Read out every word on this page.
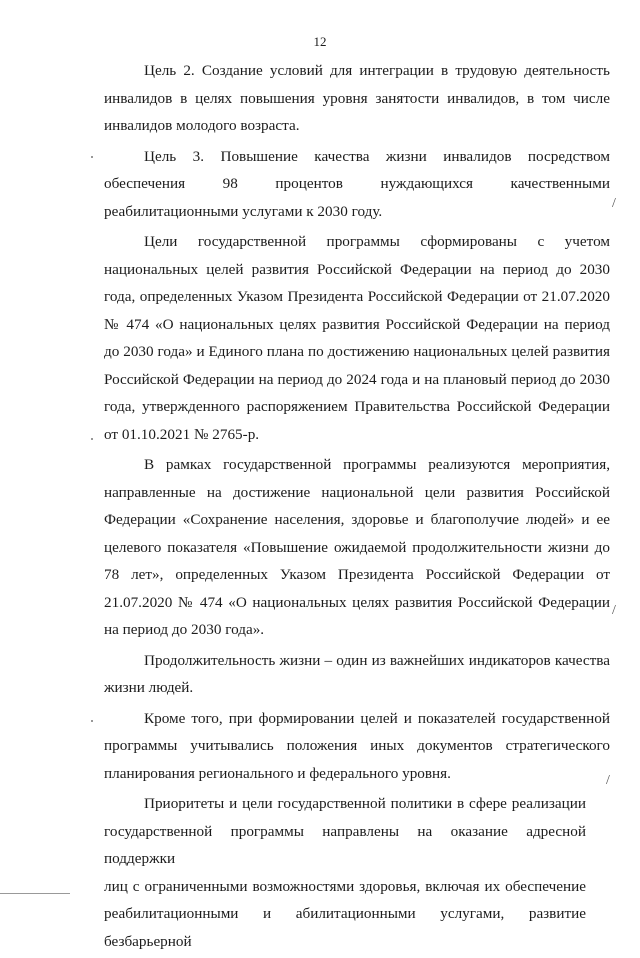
12

Цель 2. Создание условий для интеграции в трудовую деятельность
инвалидов в целях повышения уровня занятости инвалидов, в том числе
инвалидов молодого возраста.

Цель 3. Повышение качества жизни инвалидов посредством
обеспечения 98 процентов нуждающихся качественными
реабилитационными услугами к 2030 году.

Цели государственной программы сформированы с учетом
национальных целей развития Российской Федерации на период до 2030
года, определенных Указом Президента Российской Федерации от 21.07.2020
№ 474 «О национальных целях развития Российской Федерации на период
до 2030 года» и Единого плана по достижению национальных целей развития
Российской Федерации на период до 2024 года и на плановый период до 2030
года, утвержденного распоряжением Правительства Российской Федерации
от 01.10.2021 № 2765-р.

В рамках государственной программы реализуются мероприятия,
направленные на достижение национальной цели развития Российской
Федерации «Сохранение населения, здоровье и благополучие людей» и ее
целевого показателя «Повышение ожидаемой продолжительности жизни до
78 лет», определенных Указом Президента Российской Федерации от
21.07.2020 № 474 «О национальных целях развития Российской Федерации
на период до 2030 года».

Продолжительность жизни – один из важнейших индикаторов качества
жизни людей.

Кроме того, при формировании целей и показателей государственной
программы учитывались положения иных документов стратегического
планирования регионального и федерального уровня.

Приоритеты и цели государственной политики в сфере реализации
государственной программы направлены на оказание адресной поддержки
лиц с ограниченными возможностями здоровья, включая их обеспечение
реабилитационными и абилитационными услугами, развитие безбарьерной

/
/
/
